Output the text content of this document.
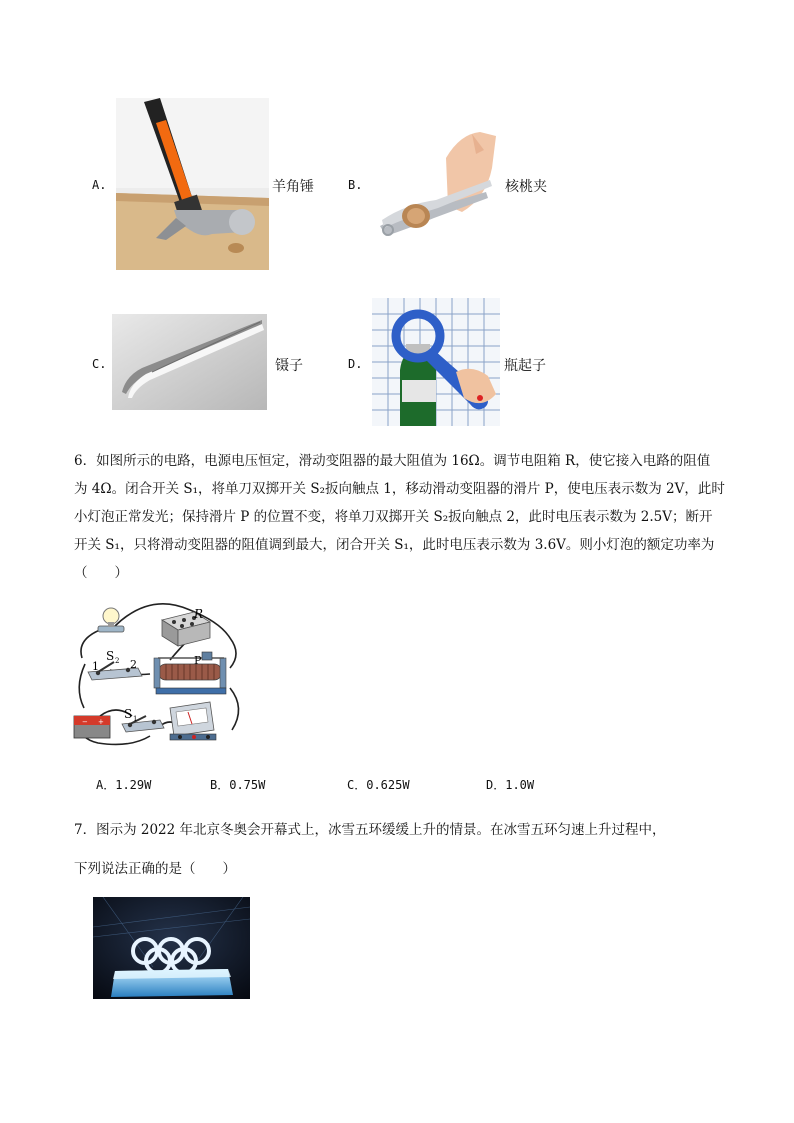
A.	羊角锤	B.	核桃夹
C.	镊子	D.	瓶起子
6．如图所示的电路，电源电压恒定，滑动变阻器的最大阻值为 16Ω。调节电阻箱 R，使它接入电路的阻值
为 4Ω。闭合开关 S₁，将单刀双掷开关 S₂扳向触点 1，移动滑动变阻器的滑片 P，使电压表示数为 2V，此时
小灯泡正常发光；保持滑片 P 的位置不变，将单刀双掷开关 S₂扳向触点 2，此时电压表示数为 2.5V；断开
开关 S₁，只将滑动变阻器的阻值调到最大，闭合开关 S₁，此时电压表示数为 3.6V。则小灯泡的额定功率为
（　　）
− +
R
S 2
1	2	P
S 1
A．1.29W	B．0.75W	C．0.625W	D．1.0W
7．图示为 2022 年北京冬奥会开幕式上，冰雪五环缓缓上升的情景。在冰雪五环匀速上升过程中，
下列说法正确的是（　　）
